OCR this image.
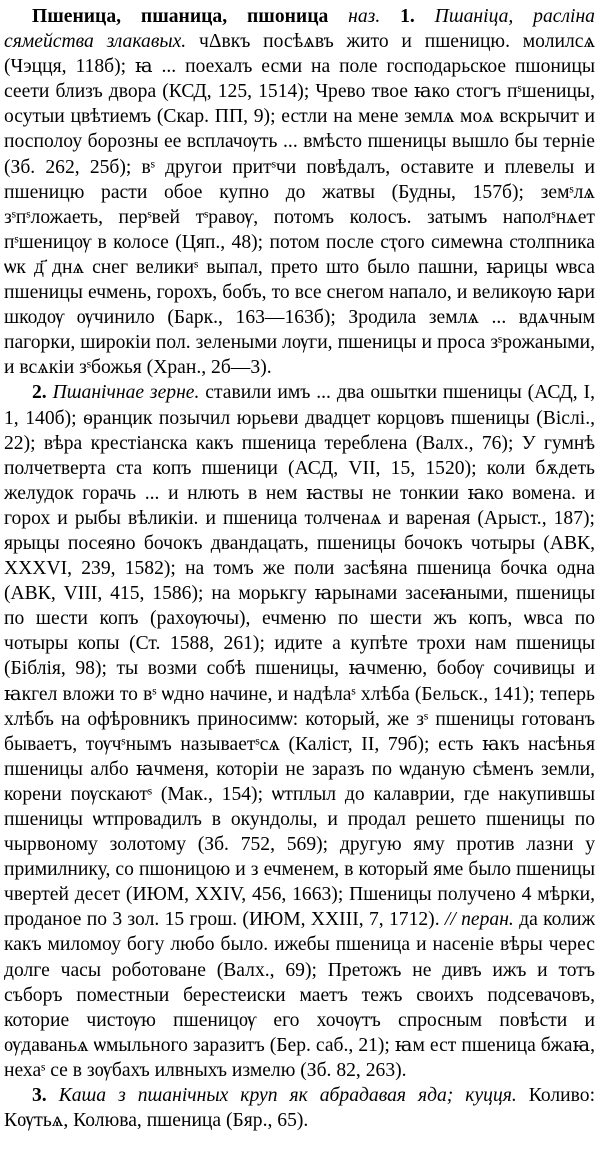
Пшеница, пшаница, пшоница наз. 1. Пшаніца, расліна сямейства злакавых. чΔвкъ посѣѧвъ жито и пшеницю. молилсѧ (Чэцця, 118б); ꙗ ... поехалъ есми на поле господарьское пшоницы сеети близъ двора (КСД, 125, 1514); Чрево твое ꙗко стогъ пˢшеницы, осутыи цвѣтиемъ (Скар. ПП, 9); естли на мене землѧ моѧ вскрычит и посполоу борозны ее всплачѹть ... вмѣсто пшеницы вышло бы терніе (Зб. 262, 25б); вˢ другои притˢчи повѣдалъ, оставите и плевелы и пшеницю расти обое купно до жатвы (Будны, 157б); земˢлѧ зˢпˢложаеть, перˢвей тˢравѹ, потомъ колосъ. затымъ наполˢнѧет пˢшеницѹ в колосе (Цяп., 48); потом после сҭого симеѡна столпника ѡк д҃ днѧ снег великиˢ выпал, прето што было пашни, ꙗрицы ѡвса пшеницы ечмень, горохъ, бобъ, то все снегом напало, и великѹю ꙗри шкодѹ ѹчинило (Барк., 163—163б); Зродила землѧ ... вдѧчным пагорки, широкіи пол. зелеными лѹги, пшеницы и проса зˢрожаными, и всѧкіи зˢбожья (Хран., 2б—3).

2. Пшанічнае зерне. ставили имъ ... два ошытки пшеницы (АСД, І, 1, 140б); ѳранцик позычил юрьеви двадцет корцовъ пшеницы (Віслі., 22); вѣра крестіанска какъ пшеница тереблена (Валх., 76); У гумнѣ полчетверта ста копъ пшеници (АСД, VII, 15, 1520); коли бѫдеть желудок горачь ... и нлють в нем ꙗствы не тонкии ꙗко вомена. и горох и рыбы вѣликіи. и пшеница толченаѧ и вареная (Арыст., 187); ярыцы посеяно бочокъ двандацать, пшеницы бочокъ чотыры (АВК, XXXVІ, 239, 1582); на томъ же поли засѣяна пшеница бочка одна (АВК, VIII, 415, 1586); на морькгу ꙗрынами засеꙗными, пшеницы по шести копъ (рахѹючы), ечменю по шести жъ копъ, ѡвса по чотыры копы (Ст. 1588, 261); идите а купѣте трохи нам пшеницы (Біблія, 98); ты возми собѣ пшеницы, ꙗчменю, бобѹ сочивицы и ꙗкгел вложи то вˢ ѡдно начине, и надѣлаˢ хлѣба (Бельск., 141); теперь хлѣбъ на офѣровникъ приносимѡ: который, же зˢ пшеницы готованъ бываетъ, тѹчˢнымъ называетˢсѧ (Каліст, II, 79б); есть ꙗкъ насѣнья пшеницы албо ꙗчменя, которіи не заразъ по ѡданую сѣменъ земли, корени пѹскаютˢ (Мак., 154); ѡтплыл до калаврии, где накупившы пшеницы ѡтпровадилъ в окундолы, и продал решето пшеницы по чырвоному золотому (Зб. 752, 569); другую яму против лазни у примилнику, со пшоницою и з ечменем, в который яме было пшеницы чвертей десет (ИЮМ, XXIV, 456, 1663); Пшеницы получено 4 мѣрки, проданое по 3 зол. 15 грош. (ИЮМ, XXIII, 7, 1712). // перан. да колиж какъ миломоу богу любо было. ижебы пшеница и насеніе вѣры черес долге часы роботоване (Валх., 69); Претожъ не дивъ ижъ и тотъ съборъ поместныи берестеиски маетъ тежъ своихъ подсевачовъ, которие чистѹю пшеницѹ его хочѹтъ спросным повѣсти и ѹдаваньѧ ѡмыльного заразитъ (Бер. саб., 21); ꙗм ест пшеница бжаꙗ, нехаˢ се в зѹбахъ илвныхъ измелю (Зб. 82, 263).

3. Каша з пшанічных круп як абрадавая яда; куцця. Коливо: Кѹтьѧ, Колюва, пшеница (Бяр., 65).
